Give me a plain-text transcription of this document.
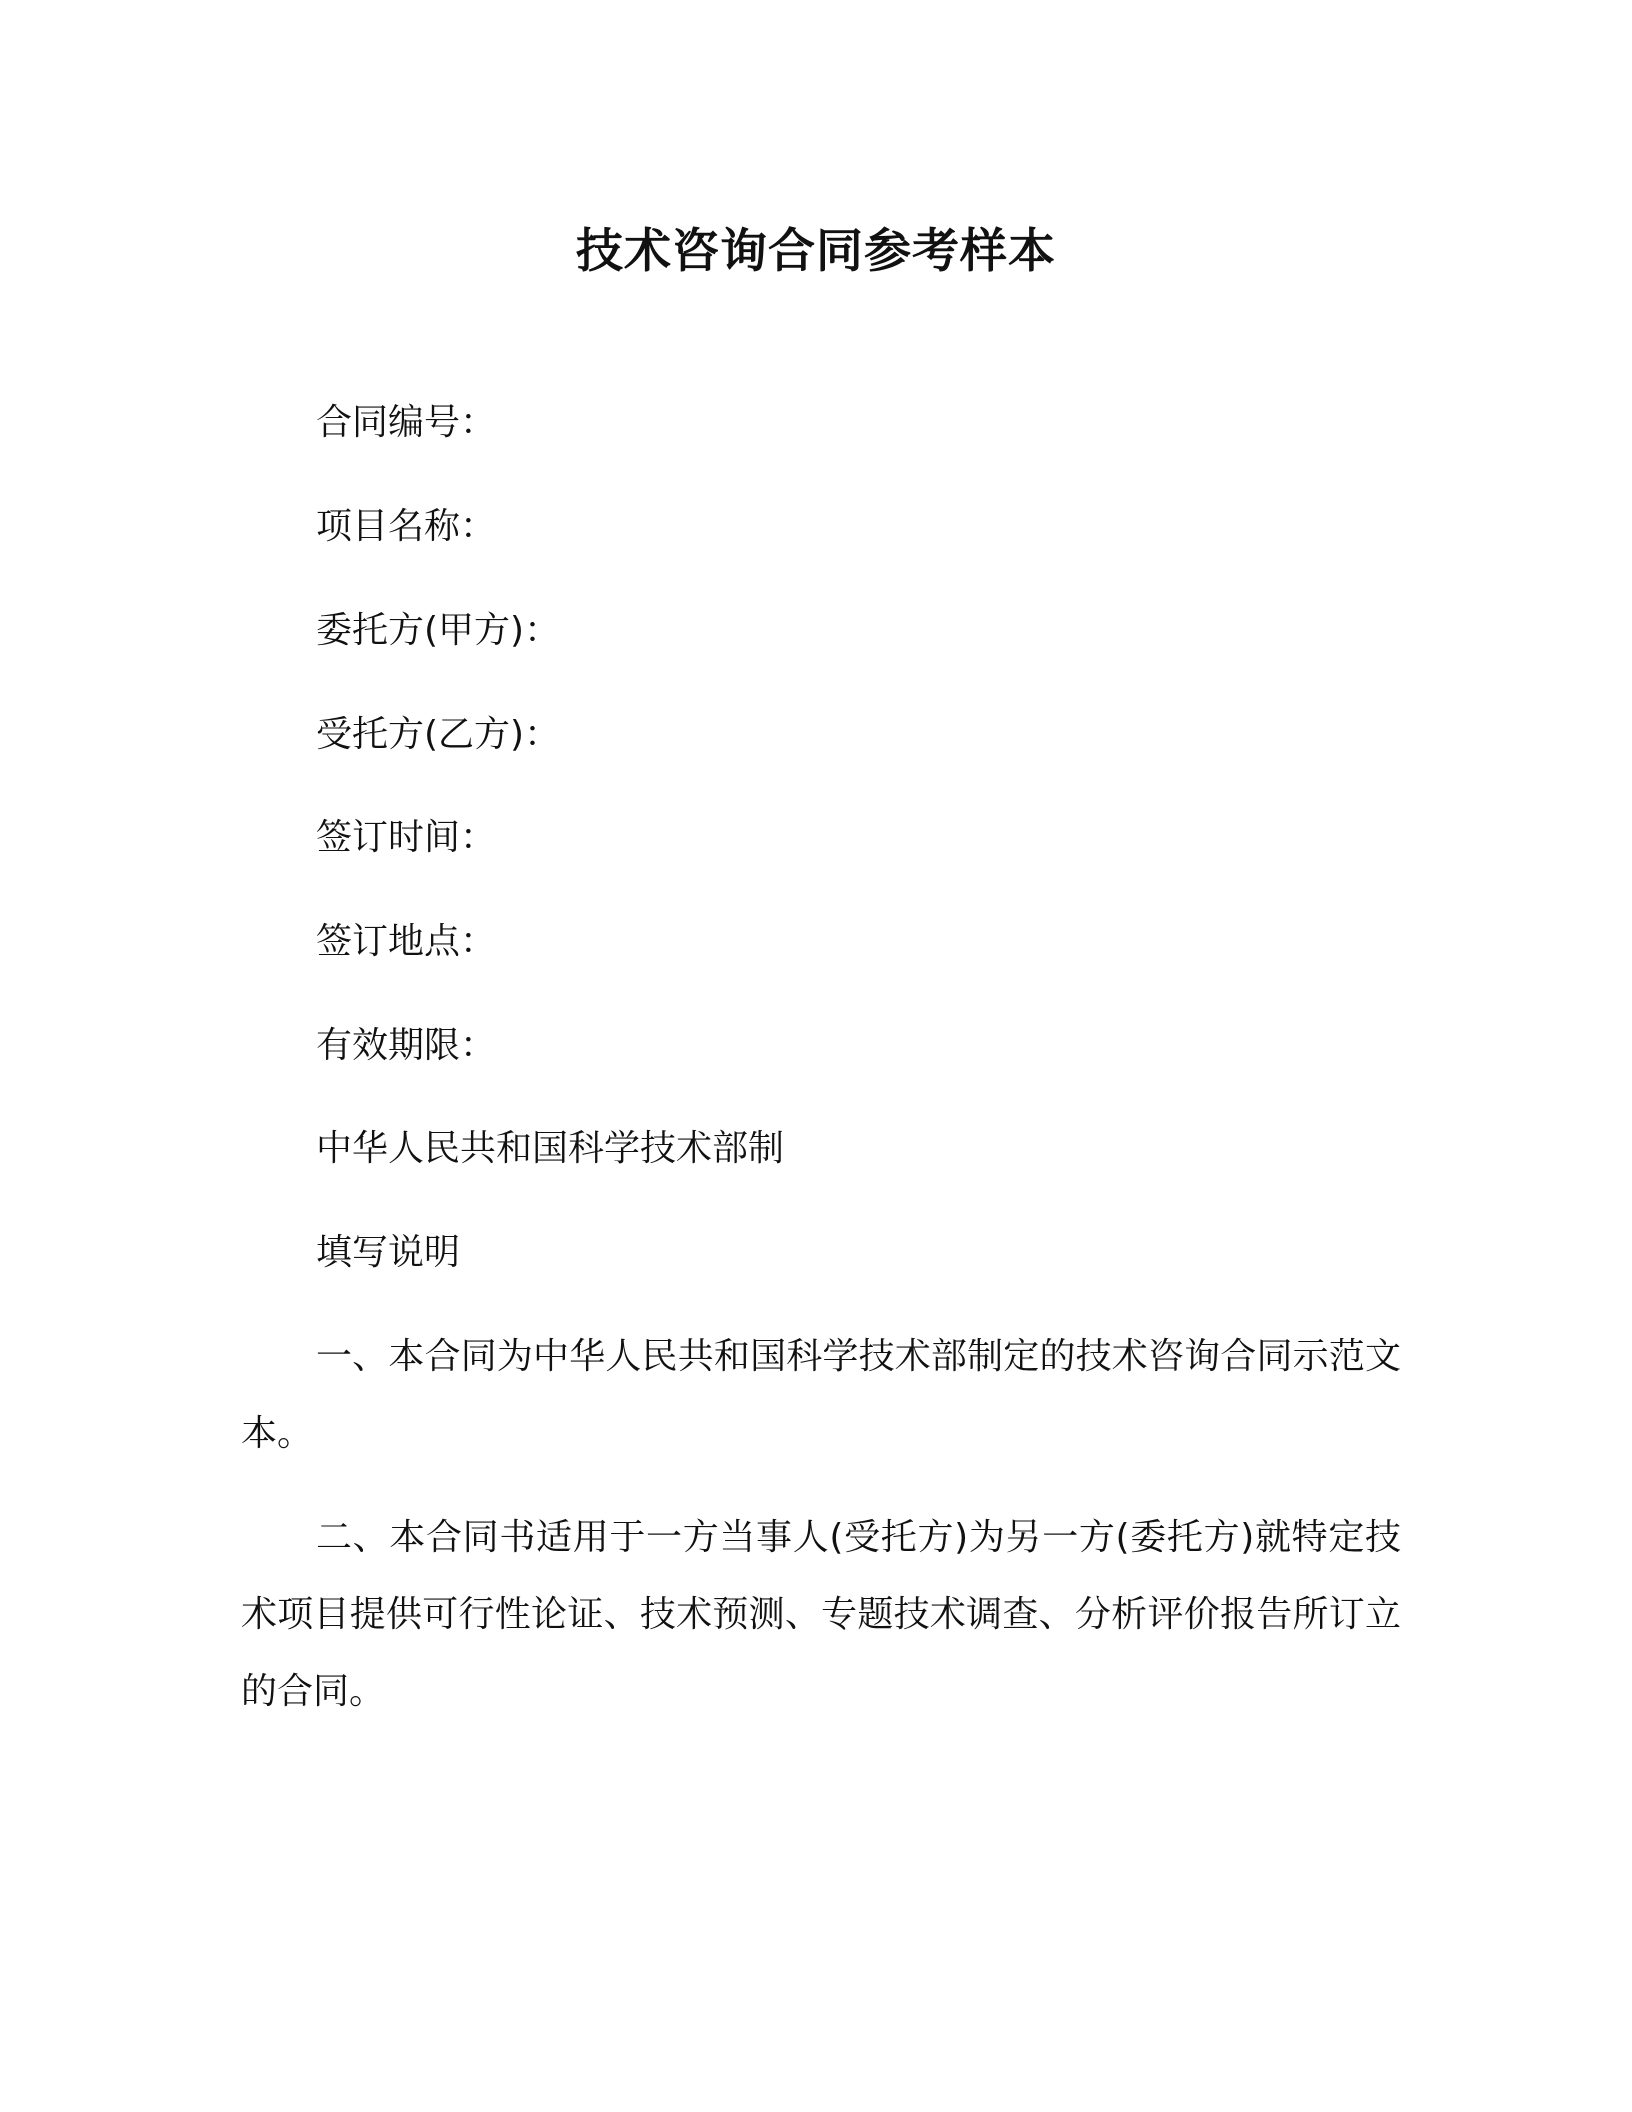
技术咨询合同参考样本

合同编号：

项目名称：

委托方(甲方)：

受托方(乙方)：

签订时间：

签订地点：

有效期限：

中华人民共和国科学技术部制

填写说明

一、本合同为中华人民共和国科学技术部制定的技术咨询合同示范文本。

二、本合同书适用于一方当事人(受托方)为另一方(委托方)就特定技术项目提供可行性论证、技术预测、专题技术调查、分析评价报告所订立的合同。
